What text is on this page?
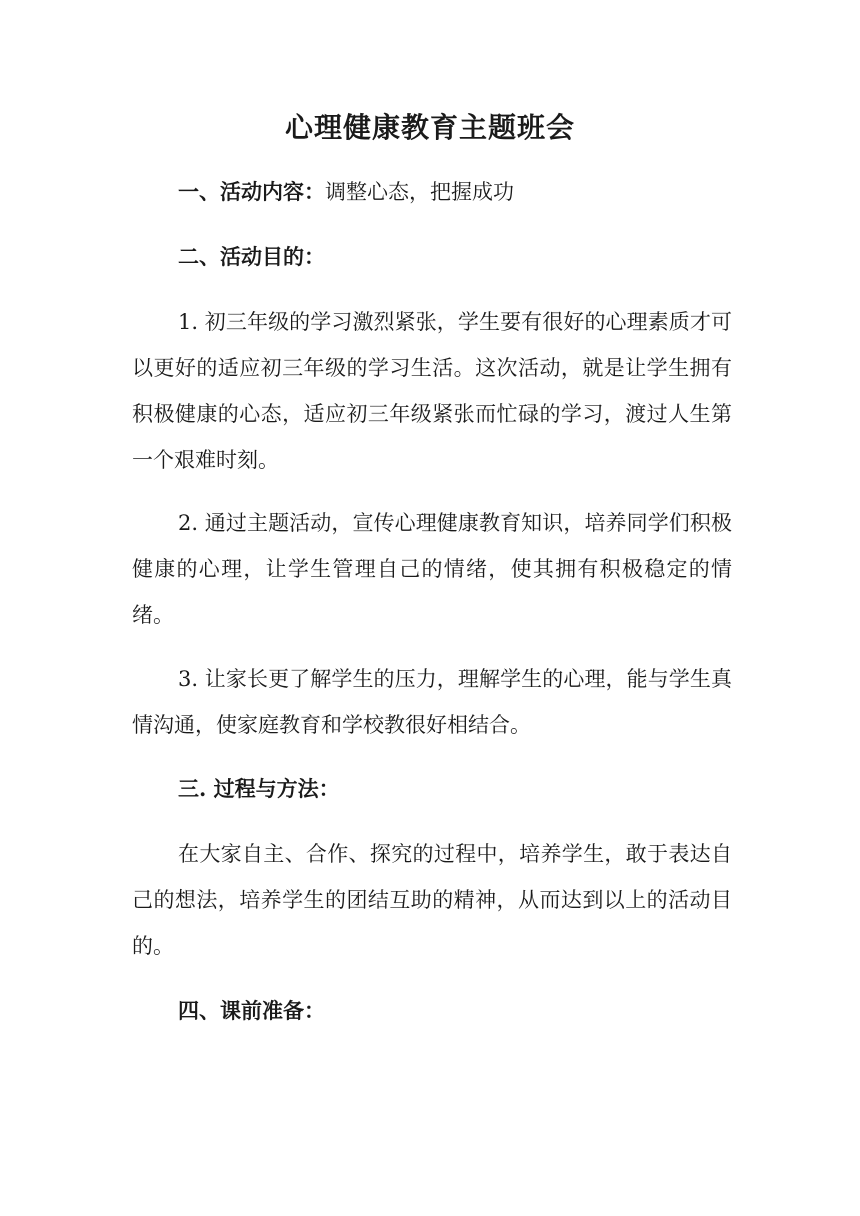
心理健康教育主题班会
一、活动内容：调整心态，把握成功
二、活动目的：
1. 初三年级的学习激烈紧张，学生要有很好的心理素质才可以更好的适应初三年级的学习生活。这次活动，就是让学生拥有积极健康的心态，适应初三年级紧张而忙碌的学习，渡过人生第一个艰难时刻。
2. 通过主题活动，宣传心理健康教育知识，培养同学们积极健康的心理，让学生管理自己的情绪，使其拥有积极稳定的情绪。
3. 让家长更了解学生的压力，理解学生的心理，能与学生真情沟通，使家庭教育和学校教很好相结合。
三. 过程与方法：
在大家自主、合作、探究的过程中，培养学生，敢于表达自己的想法，培养学生的团结互助的精神，从而达到以上的活动目的。
四、课前准备：
